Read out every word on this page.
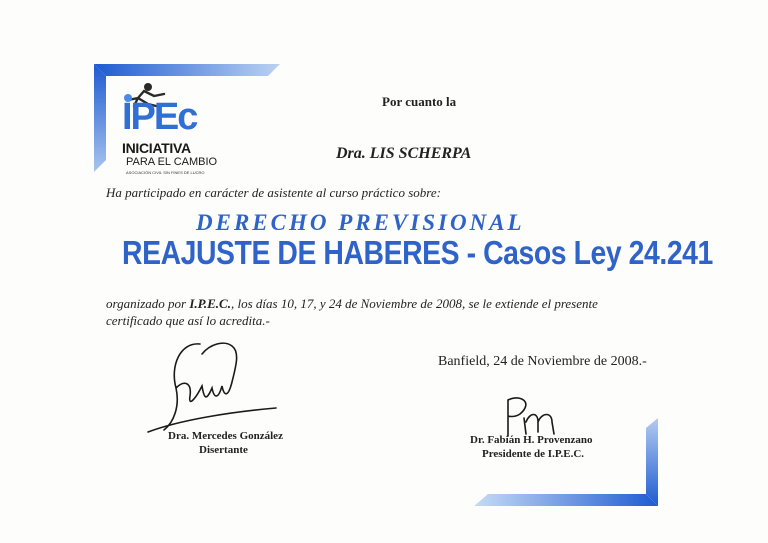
IPEc
INICIATIVA
PARA EL CAMBIO
ASOCIACIÓN CIVIL SIN FINES DE LUCRO
Por cuanto la
Dra. LIS SCHERPA
Ha participado en carácter de asistente al curso práctico sobre:
DERECHO PREVISIONAL
REAJUSTE DE HABERES - Casos Ley 24.241
organizado por I.P.E.C., los días 10, 17, y 24 de Noviembre de 2008, se le extiende el presente
certificado que así lo acredita.-
Banfield, 24 de Noviembre de 2008.-
Dra. Mercedes González
Disertante
Dr. Fabián H. Provenzano
Presidente de I.P.E.C.
